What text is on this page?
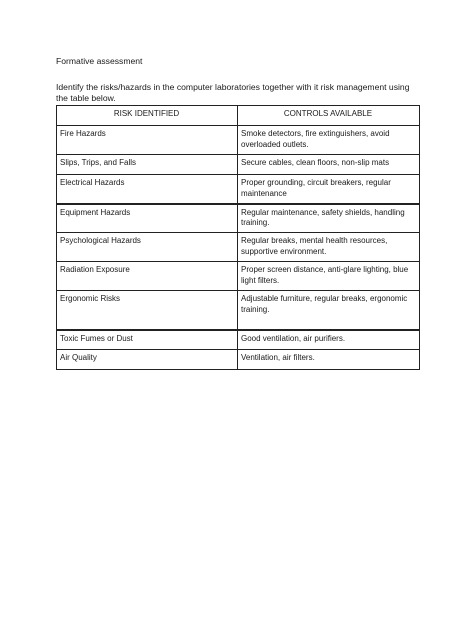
Formative assessment
Identify the risks/hazards in the computer laboratories together with it risk management using the table below.
RISK IDENTIFIED	CONTROLS AVAILABLE
Fire Hazards	Smoke detectors, fire extinguishers, avoid overloaded outlets.
Slips, Trips, and Falls	Secure cables, clean floors, non-slip mats
Electrical Hazards	Proper grounding, circuit breakers, regular maintenance
Equipment Hazards	Regular maintenance, safety shields, handling training.
Psychological Hazards	Regular breaks, mental health resources, supportive environment.
Radiation Exposure	Proper screen distance, anti-glare lighting, blue light filters.
Ergonomic Risks	Adjustable furniture, regular breaks, ergonomic training.
Toxic Fumes or Dust	Good ventilation, air purifiers.
Air Quality	Ventilation, air filters.
